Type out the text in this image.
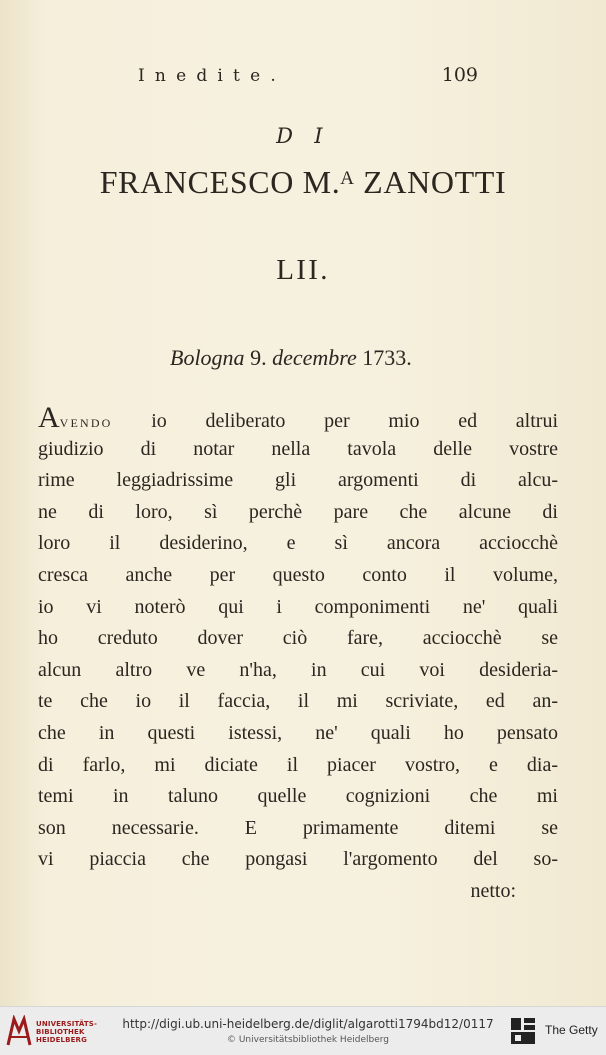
Inedite.	109
D I
FRANCESCO M.ᴬ ZANOTTI
LII.
Bologna 9. decembre 1733.
AVENDO io deliberato per mio ed altrui
giudizio di notar nella tavola delle vostre
rime leggiadrissime gli argomenti di alcu-
ne di loro, sì perchè pare che alcune di
loro il desiderino, e sì ancora acciocchè
cresca anche per questo conto il volume,
io vi noterò qui i componimenti ne' quali
ho creduto dover ciò fare, acciocchè se
alcun altro ve n'ha, in cui voi desideria-
te che io il faccia, il mi scriviate, ed an-
che in questi istessi, ne' quali ho pensato
di farlo, mi diciate il piacer vostro, e dia-
temi in taluno quelle cognizioni che mi
son necessarie. E primamente ditemi se
vi piaccia che pongasi l'argomento del so-
netto:
UNIVERSITÄTS-
BIBLIOTHEK
HEIDELBERG
http://digi.ub.uni-heidelberg.de/diglit/algarotti1794bd12/0117
© Universitätsbibliothek Heidelberg
The Getty
